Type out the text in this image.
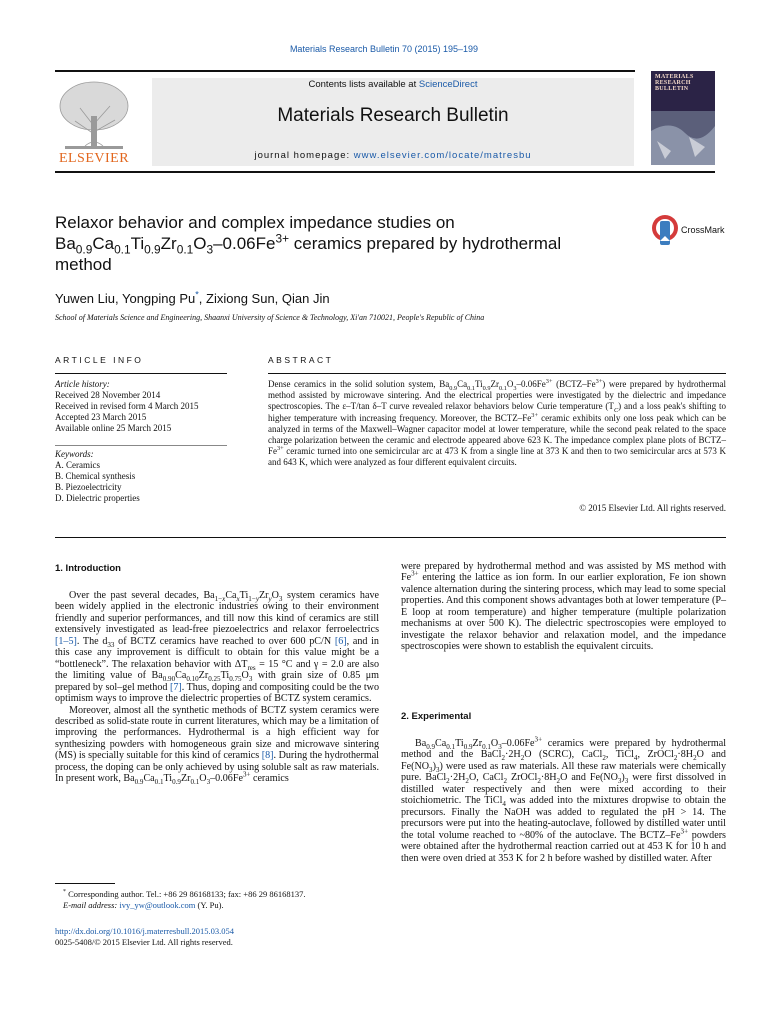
Materials Research Bulletin 70 (2015) 195–199
ELSEVIER
Contents lists available at ScienceDirect
Materials Research Bulletin
journal homepage: www.elsevier.com/locate/matresbu
MATERIALS RESEARCH BULLETIN
Relaxor behavior and complex impedance studies on
$Ba_{0.9}Ca_{0.1}Ti_{0.9}Zr_{0.1}O_3-0.06Fe^{3+}$ ceramics prepared by hydrothermal
method
CrossMark
Yuwen Liu, Yongping Pu*, Zixiong Sun, Qian Jin
School of Materials Science and Engineering, Shaanxi University of Science & Technology, Xi'an 710021, People's Republic of China
ARTICLE INFO
Article history:
Received 28 November 2014
Received in revised form 4 March 2015
Accepted 23 March 2015
Available online 25 March 2015
Keywords:
A. Ceramics
B. Chemical synthesis
B. Piezoelectricity
D. Dielectric properties
ABSTRACT
Dense ceramics in the solid solution system, $Ba_{0.9}Ca_{0.1}Ti_{0.9}Zr_{0.1}O_3-0.06Fe^{3+}$ $(BCTZ-Fe^{3+})$ were prepared by hydrothermal method assisted by microwave sintering. And the electrical properties were investigated by the dielectric and impedance spectroscopies. The ε–T/tan δ–T curve revealed relaxor behaviors below Curie temperature $(T_C)$ and a loss peak's shifting to higher temperature with increasing frequency. Moreover, the BCTZ–$Fe^{3+}$ ceramic exhibits only one loss peak which can be analyzed in terms of the Maxwell–Wagner capacitor model at lower temperature, while the second peak related to the space charge polarization between the ceramic and electrode appeared above 623 K. The impedance complex plane plots of BCTZ–$Fe^{3+}$ ceramic turned into one semicircular arc at 473 K from a single line at 373 K and then to two semicircular arcs at 573 K and 643 K, which were analyzed as four different equivalent circuits.
© 2015 Elsevier Ltd. All rights reserved.
1. Introduction

Over the past several decades, $Ba_{1-x}Ca_xTi_{1-y}Zr_yO_3$ system ceramics have been widely applied in the electronic industries owing to their environment friendly and superior performances, and till now this kind of ceramics are still extensively investigated as lead-free piezoelectrics and relaxor ferroelectrics [1–5]. The $d_{33}$ of BCTZ ceramics have reached to over 600 pC/N [6], and in this case any improvement is difficult to obtain for this value might be a “bottleneck”. The relaxation behavior with $\Delta T_{res} = 15$ °C and γ = 2.0 are also the limiting value of $Ba_{0.90}Ca_{0.10}Zr_{0.25}Ti_{0.75}O_3$ with grain size of 0.85 μm prepared by sol–gel method [7]. Thus, doping and compositing could be the two optimism ways to improve the dielectric properties of BCTZ system ceramics.

Moreover, almost all the synthetic methods of BCTZ system ceramics were described as solid-state route in current literatures, which may be a limitation of improving the performances. Hydrothermal is a high efficient way for synthesizing powders with homogeneous grain size and microwave sintering (MS) is specially suitable for this kind of ceramics [8]. During the hydrothermal process, the doping can be only achieved by using soluble salt as raw materials. In present work, $Ba_{0.9}Ca_{0.1}Ti_{0.9}Zr_{0.1}O_3-0.06Fe^{3+}$ ceramics

were prepared by hydrothermal method and was assisted by MS method with $Fe^{3+}$ entering the lattice as ion form. In our earlier exploration, Fe ion shown valence alternation during the sintering process, which may lead to some special properties. And this component shows advantages both at lower temperature (P–E loop at room temperature) and higher temperature (multiple polarization mechanisms at over 500 K). The dielectric spectroscopies were employed to investigate the relaxor behavior and relaxation model, and the impedance spectroscopies were shown to establish the equivalent circuits.

2. Experimental

$Ba_{0.9}Ca_{0.1}Ti_{0.9}Zr_{0.1}O_3-0.06Fe^{3+}$ ceramics were prepared by hydrothermal method and the $BaCl_2\cdot 2H_2O$ (SCRC), CaCl$_2$, TiCl$_4$, $ZrOCl_2\cdot 8H_2O$ and $Fe(NO_3)_3$) were used as raw materials. All these raw materials were chemically pure. $BaCl_2\cdot 2H_2O$, CaCl$_2$ $ZrOCl_2\cdot 8H_2O$ and $Fe(NO_3)_3$ were first dissolved in distilled water respectively and then were mixed according to their stoichiometric. The TiCl$_4$ was added into the mixtures dropwise to obtain the precursors. Finally the NaOH was added to regulated the pH > 14. The precursors were put into the heating-autoclave, followed by distilled water until the total volume reached to ~80% of the autoclave. The BCTZ–$Fe^{3+}$ powders were obtained after the hydrothermal reaction carried out at 453 K for 10 h and then were oven dried at 353 K for 2 h before washed by distilled water. After

* Corresponding author. Tel.: +86 29 86168133; fax: +86 29 86168137.
E-mail address: ivy_yw@outlook.com (Y. Pu).
http://dx.doi.org/10.1016/j.materresbull.2015.03.054
0025-5408/© 2015 Elsevier Ltd. All rights reserved.
